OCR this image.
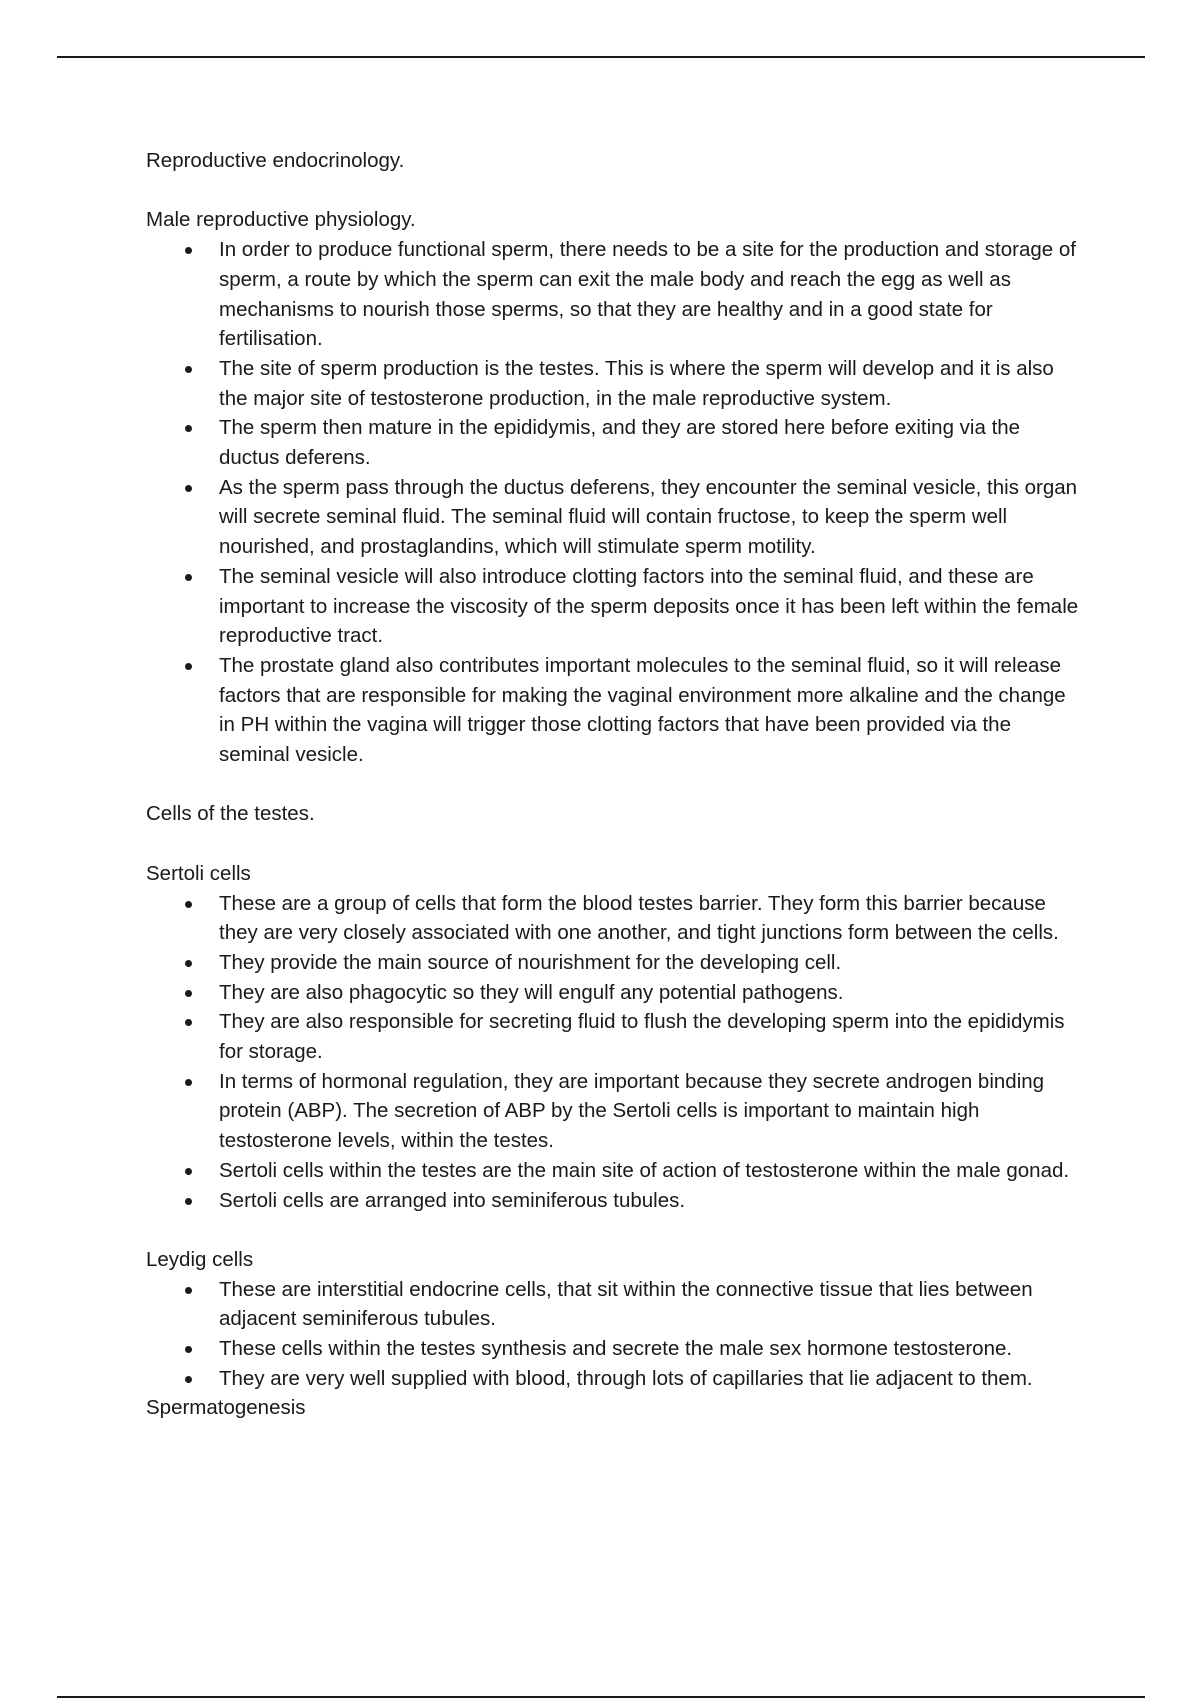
Reproductive endocrinology.

Male reproductive physiology.

In order to produce functional sperm, there needs to be a site for the production and storage of sperm, a route by which the sperm can exit the male body and reach the egg as well as mechanisms to nourish those sperms, so that they are healthy and in a good state for fertilisation.
The site of sperm production is the testes. This is where the sperm will develop and it is also the major site of testosterone production, in the male reproductive system.
The sperm then mature in the epididymis, and they are stored here before exiting via the ductus deferens.
As the sperm pass through the ductus deferens, they encounter the seminal vesicle, this organ will secrete seminal fluid. The seminal fluid will contain fructose, to keep the sperm well nourished, and prostaglandins, which will stimulate sperm motility.
The seminal vesicle will also introduce clotting factors into the seminal fluid, and these are important to increase the viscosity of the sperm deposits once it has been left within the female reproductive tract.
The prostate gland also contributes important molecules to the seminal fluid, so it will release factors that are responsible for making the vaginal environment more alkaline and the change in PH within the vagina will trigger those clotting factors that have been provided via the seminal vesicle.

Cells of the testes.

Sertoli cells

These are a group of cells that form the blood testes barrier. They form this barrier because they are very closely associated with one another, and tight junctions form between the cells.
They provide the main source of nourishment for the developing cell.
They are also phagocytic so they will engulf any potential pathogens.
They are also responsible for secreting fluid to flush the developing sperm into the epididymis for storage.
In terms of hormonal regulation, they are important because they secrete androgen binding protein (ABP). The secretion of ABP by the Sertoli cells is important to maintain high testosterone levels, within the testes.
Sertoli cells within the testes are the main site of action of testosterone within the male gonad.
Sertoli cells are arranged into seminiferous tubules.

Leydig cells

These are interstitial endocrine cells, that sit within the connective tissue that lies between adjacent seminiferous tubules.
These cells within the testes synthesis and secrete the male sex hormone testosterone.
They are very well supplied with blood, through lots of capillaries that lie adjacent to them.

Spermatogenesis
